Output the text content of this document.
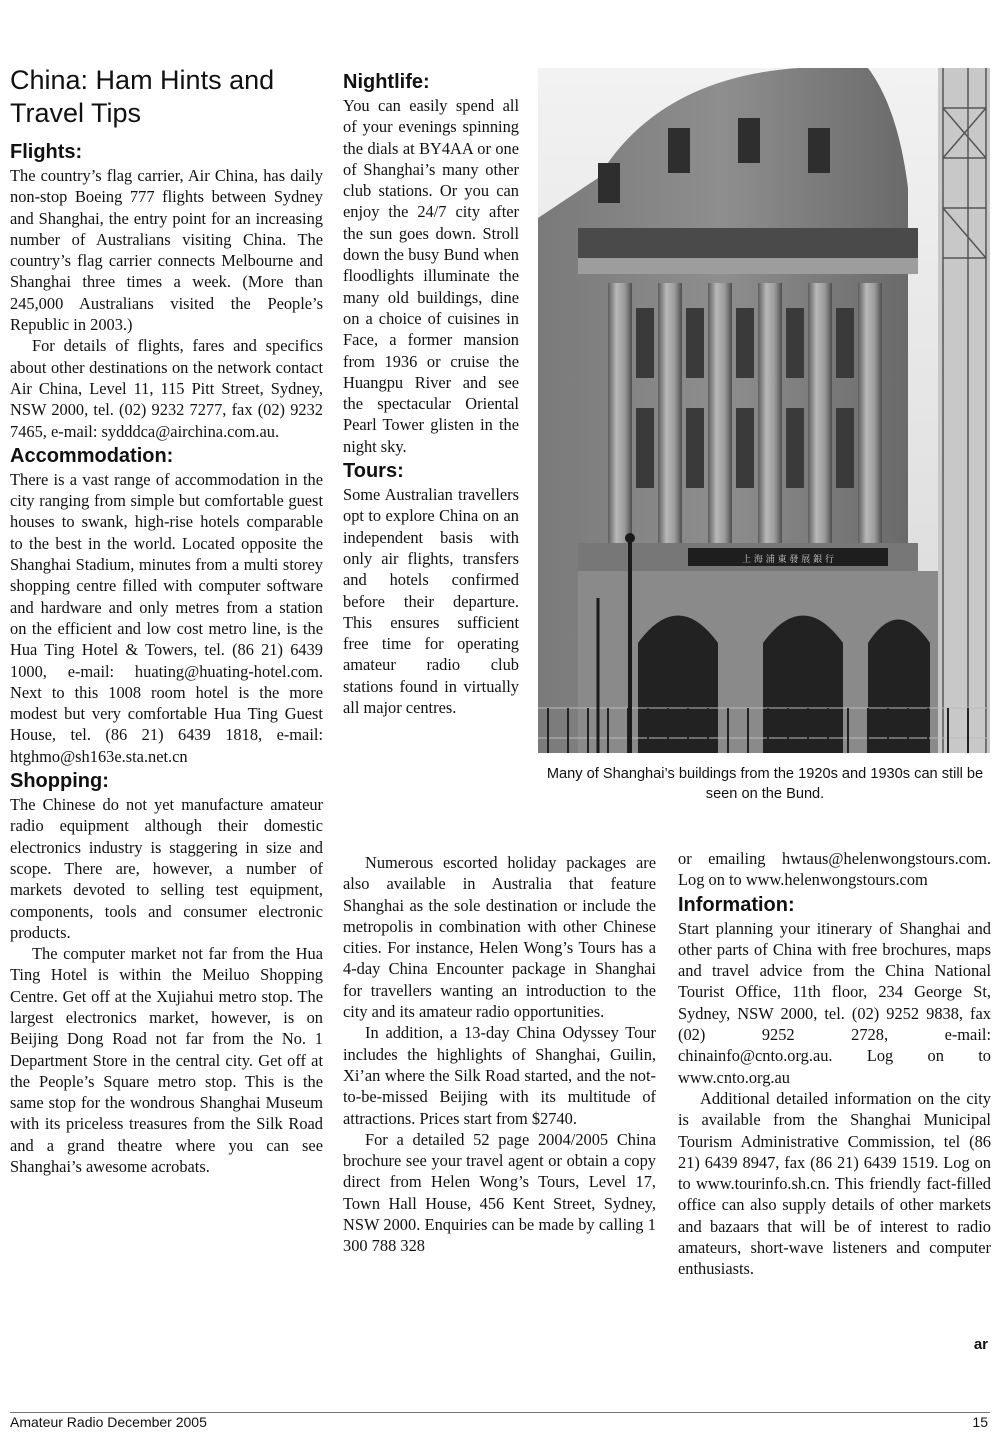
China: Ham Hints and Travel Tips
Flights:

The country’s flag carrier, Air China, has daily non-stop Boeing 777 flights between Sydney and Shanghai, the entry point for an increasing number of Australians visiting China. The country’s flag carrier connects Melbourne and Shanghai three times a week. (More than 245,000 Australians visited the People’s Republic in 2003.)

For details of flights, fares and specifics about other destinations on the network contact Air China, Level 11, 115 Pitt Street, Sydney, NSW 2000, tel. (02) 9232 7277, fax (02) 9232 7465, e-mail: sydddca@airchina.com.au.

Accommodation:

There is a vast range of accommodation in the city ranging from simple but comfortable guest houses to swank, high-rise hotels comparable to the best in the world. Located opposite the Shanghai Stadium, minutes from a multi storey shopping centre filled with computer software and hardware and only metres from a station on the efficient and low cost metro line, is the Hua Ting Hotel & Towers, tel. (86 21) 6439 1000, e-mail: huating@huating-hotel.com. Next to this 1008 room hotel is the more modest but very comfortable Hua Ting Guest House, tel. (86 21) 6439 1818, e-mail: htghmo@sh163e.sta.net.cn

Shopping:

The Chinese do not yet manufacture amateur radio equipment although their domestic electronics industry is staggering in size and scope. There are, however, a number of markets devoted to selling test equipment, components, tools and consumer electronic products.

The computer market not far from the Hua Ting Hotel is within the Meiluo Shopping Centre. Get off at the Xujiahui metro stop. The largest electronics market, however, is on Beijing Dong Road not far from the No. 1 Department Store in the central city. Get off at the People’s Square metro stop. This is the same stop for the wondrous Shanghai Museum with its priceless treasures from the Silk Road and a grand theatre where you can see Shanghai’s awesome acrobats.

Nightlife:

You can easily spend all of your evenings spinning the dials at BY4AA or one of Shanghai’s many other club stations. Or you can enjoy the 24/7 city after the sun goes down. Stroll down the busy Bund when floodlights illuminate the many old buildings, dine on a choice of cuisines in Face, a former mansion from 1936 or cruise the Huangpu River and see the spectacular Oriental Pearl Tower glisten in the night sky.

Tours:

Some Australian travellers opt to explore China on an independent basis with only air flights, transfers and hotels confirmed before their departure. This ensures sufficient free time for operating amateur radio club stations found in virtually all major centres.

上 海 浦 東 發 展 銀 行
Many of Shanghai’s buildings from the 1920s and 1930s can still be seen on the Bund.

Numerous escorted holiday packages are also available in Australia that feature Shanghai as the sole destination or include the metropolis in combination with other Chinese cities. For instance, Helen Wong’s Tours has a 4-day China Encounter package in Shanghai for travellers wanting an introduction to the city and its amateur radio opportunities.

In addition, a 13-day China Odyssey Tour includes the highlights of Shanghai, Guilin, Xi’an where the Silk Road started, and the not-to-be-missed Beijing with its multitude of attractions. Prices start from $2740.

For a detailed 52 page 2004/2005 China brochure see your travel agent or obtain a copy direct from Helen Wong’s Tours, Level 17, Town Hall House, 456 Kent Street, Sydney, NSW 2000. Enquiries can be made by calling 1 300 788 328

or emailing hwtaus@helenwongstours.com. Log on to www.helenwongstours.com

Information:

Start planning your itinerary of Shanghai and other parts of China with free brochures, maps and travel advice from the China National Tourist Office, 11th floor, 234 George St, Sydney, NSW 2000, tel. (02) 9252 9838, fax (02) 9252 2728, e-mail: chinainfo@cnto.org.au. Log on to www.cnto.org.au

Additional detailed information on the city is available from the Shanghai Municipal Tourism Administrative Commission, tel (86 21) 6439 8947, fax (86 21) 6439 1519. Log on to www.tourinfo.sh.cn. This friendly fact-filled office can also supply details of other markets and bazaars that will be of interest to radio amateurs, short-wave listeners and computer enthusiasts.

ar
Amateur Radio December 2005	15
